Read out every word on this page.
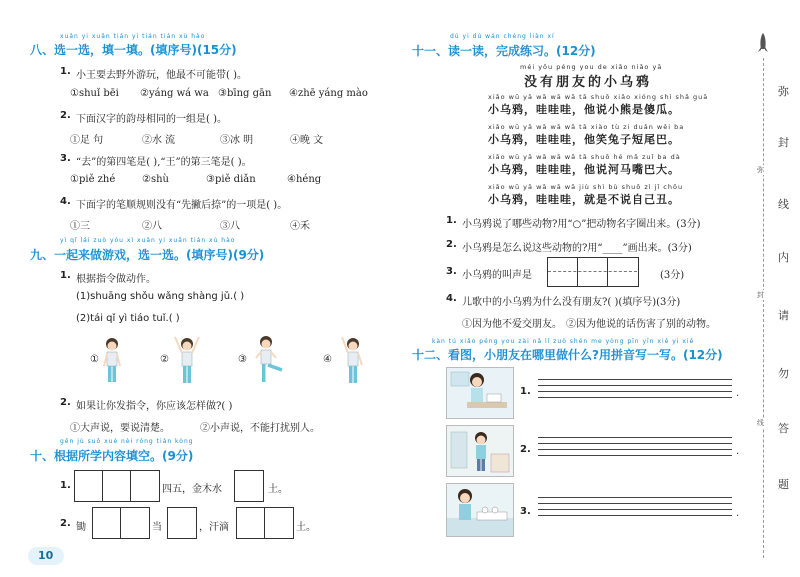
xuǎn yi xuǎn tián yi tián tián xù hào
八、选一选，填一填。(填序号)(15分)
1. 小王要去野外游玩，他最不可能带( )。
①shuǐ bēi ②yáng wá wa ③bīng gān ④zhē yáng mào
2. 下面汉字的韵母相同的一组是( )。
①足 句	②水 流	③冰 明	④晚 文
3. “去”的第四笔是( ),“王”的第三笔是( )。
①piě zhé	②shù	③piě diǎn	④héng
4. 下面字的笔顺规则没有“先撇后捺”的一项是( )。
①三	②八	③八	④禾
yì qǐ lái zuò yóu xì xuǎn yi xuǎn tián xù hào
九、一起来做游戏，选一选。(填序号)(9分)
1. 根据指令做动作。
(1)shuāng shǒu wǎng shàng jǔ.( )
(2)tái qǐ yì tiáo tuǐ.( )
①	②	③	④
2. 如果让你发指令，你应该怎样做?( )
①大声说，要说清楚。	②小声说，不能打扰别人。
gēn jù suǒ xué nèi róng tián kòng
十、根据所学内容填空。(9分)
1.	四五，金木水	土。
2. 锄	当	，汗滴	土。
10
dú yi dú wán chéng liàn xí
十一、读一读，完成练习。(12分)
méi yǒu péng you de xiǎo niǎo yā
没有朋友的小乌鸦
xiǎo wū yā wā wā wā tā shuō xiǎo xióng shì shǎ guā
小乌鸦，哇哇哇，他说小熊是傻瓜。
xiǎo wū yā wā wā wā tā xiào tù zi duǎn wěi ba
小乌鸦，哇哇哇，他笑兔子短尾巴。
xiǎo wū yā wā wā wā tā shuō hé mǎ zuǐ ba dà
小乌鸦，哇哇哇，他说河马嘴巴大。
xiǎo wū yā wā wā wā jiù shì bù shuō zì jǐ chǒu
小乌鸦，哇哇哇，就是不说自己丑。
1. 小乌鸦说了哪些动物?用“○”把动物名字圈出来。(3分)
2. 小乌鸦是怎么说这些动物的?用“____”画出来。(3分)
3. 小乌鸦的叫声是	(3分)
4. 儿歌中的小乌鸦为什么没有朋友?( )(填序号)(3分)
①因为他不爱交朋友。 ②因为他说的话伤害了别的动物。
kàn tú xiǎo péng you zài nǎ lǐ zuò shén me yòng pīn yīn xiě yi xiě
十二、看图，小朋友在哪里做什么?用拼音写一写。(12分)
1.	.
2.	.
3.	.
弥
封
线
弥
封
线
内
请
勿
答
题
